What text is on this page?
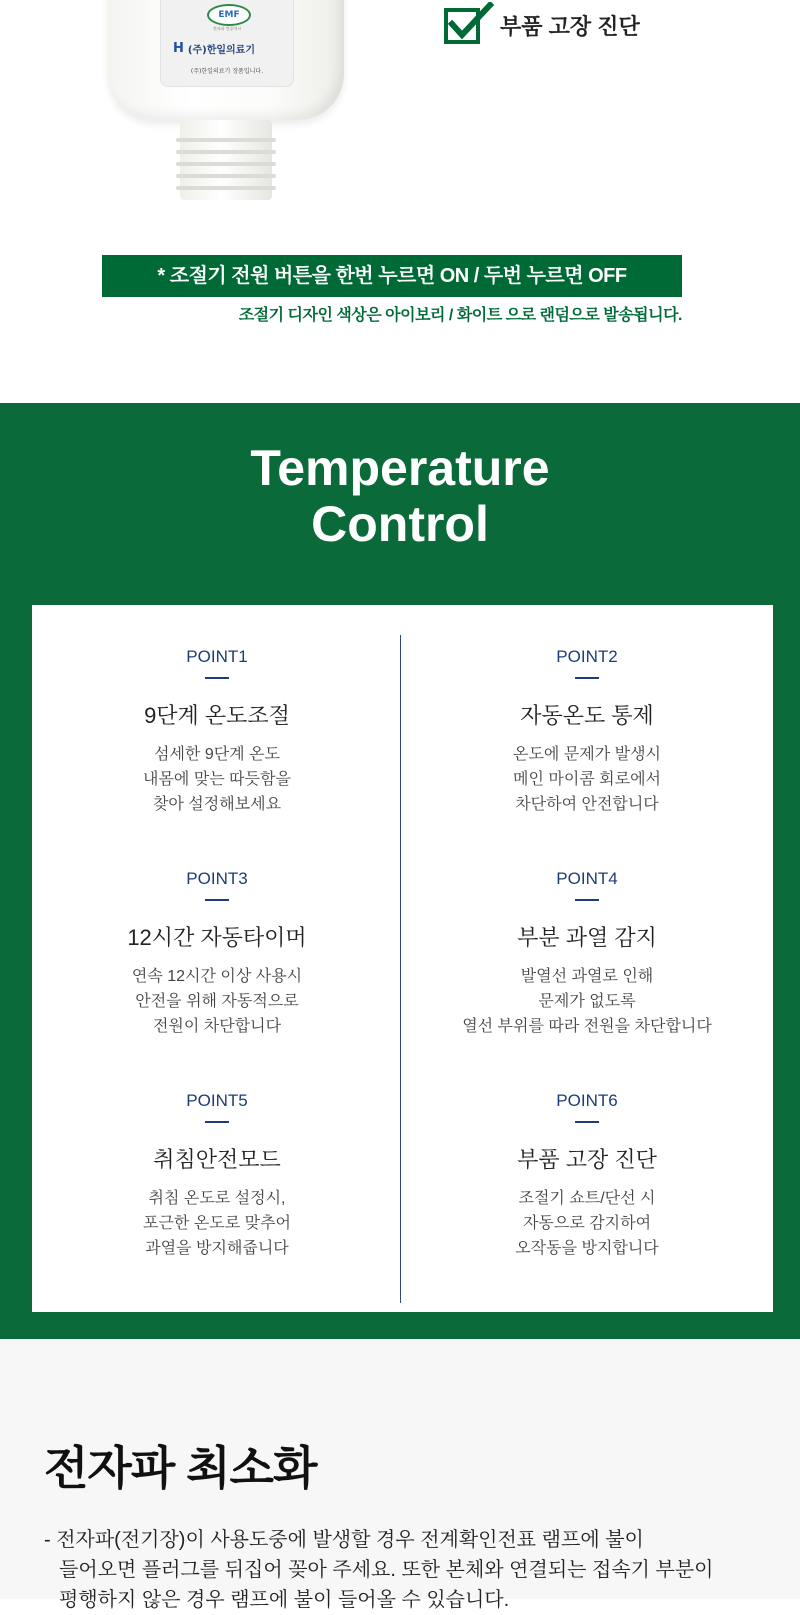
EMF
전자파 인증마크
H (주)한일의료기
(주)한일의료기 정품입니다.
부품 고장 진단
* 조절기 전원 버튼을 한번 누르면 ON / 두번 누르면 OFF
조절기 디자인 색상은 아이보리 / 화이트 으로 랜덤으로 발송됩니다.
Temperature
Control
POINT1
9단계 온도조절
섬세한 9단계 온도
내몸에 맞는 따듯함을
찾아 설정해보세요
POINT2
자동온도 통제
온도에 문제가 발생시
메인 마이콤 회로에서
차단하여 안전합니다
POINT3
12시간 자동타이머
연속 12시간 이상 사용시
안전을 위해 자동적으로
전원이 차단합니다
POINT4
부분 과열 감지
발열선 과열로 인해
문제가 없도록
열선 부위를 따라 전원을 차단합니다
POINT5
취침안전모드
취침 온도로 설정시,
포근한 온도로 맞추어
과열을 방지해줍니다
POINT6
부품 고장 진단
조절기 쇼트/단선 시
자동으로 감지하여
오작동을 방지합니다
전자파 최소화
- 전자파(전기장)이 사용도중에 발생할 경우 전계확인전표 램프에 불이
들어오면 플러그를 뒤집어 꽂아 주세요. 또한 본체와 연결되는 접속기 부분이
평행하지 않은 경우 램프에 불이 들어올 수 있습니다.
